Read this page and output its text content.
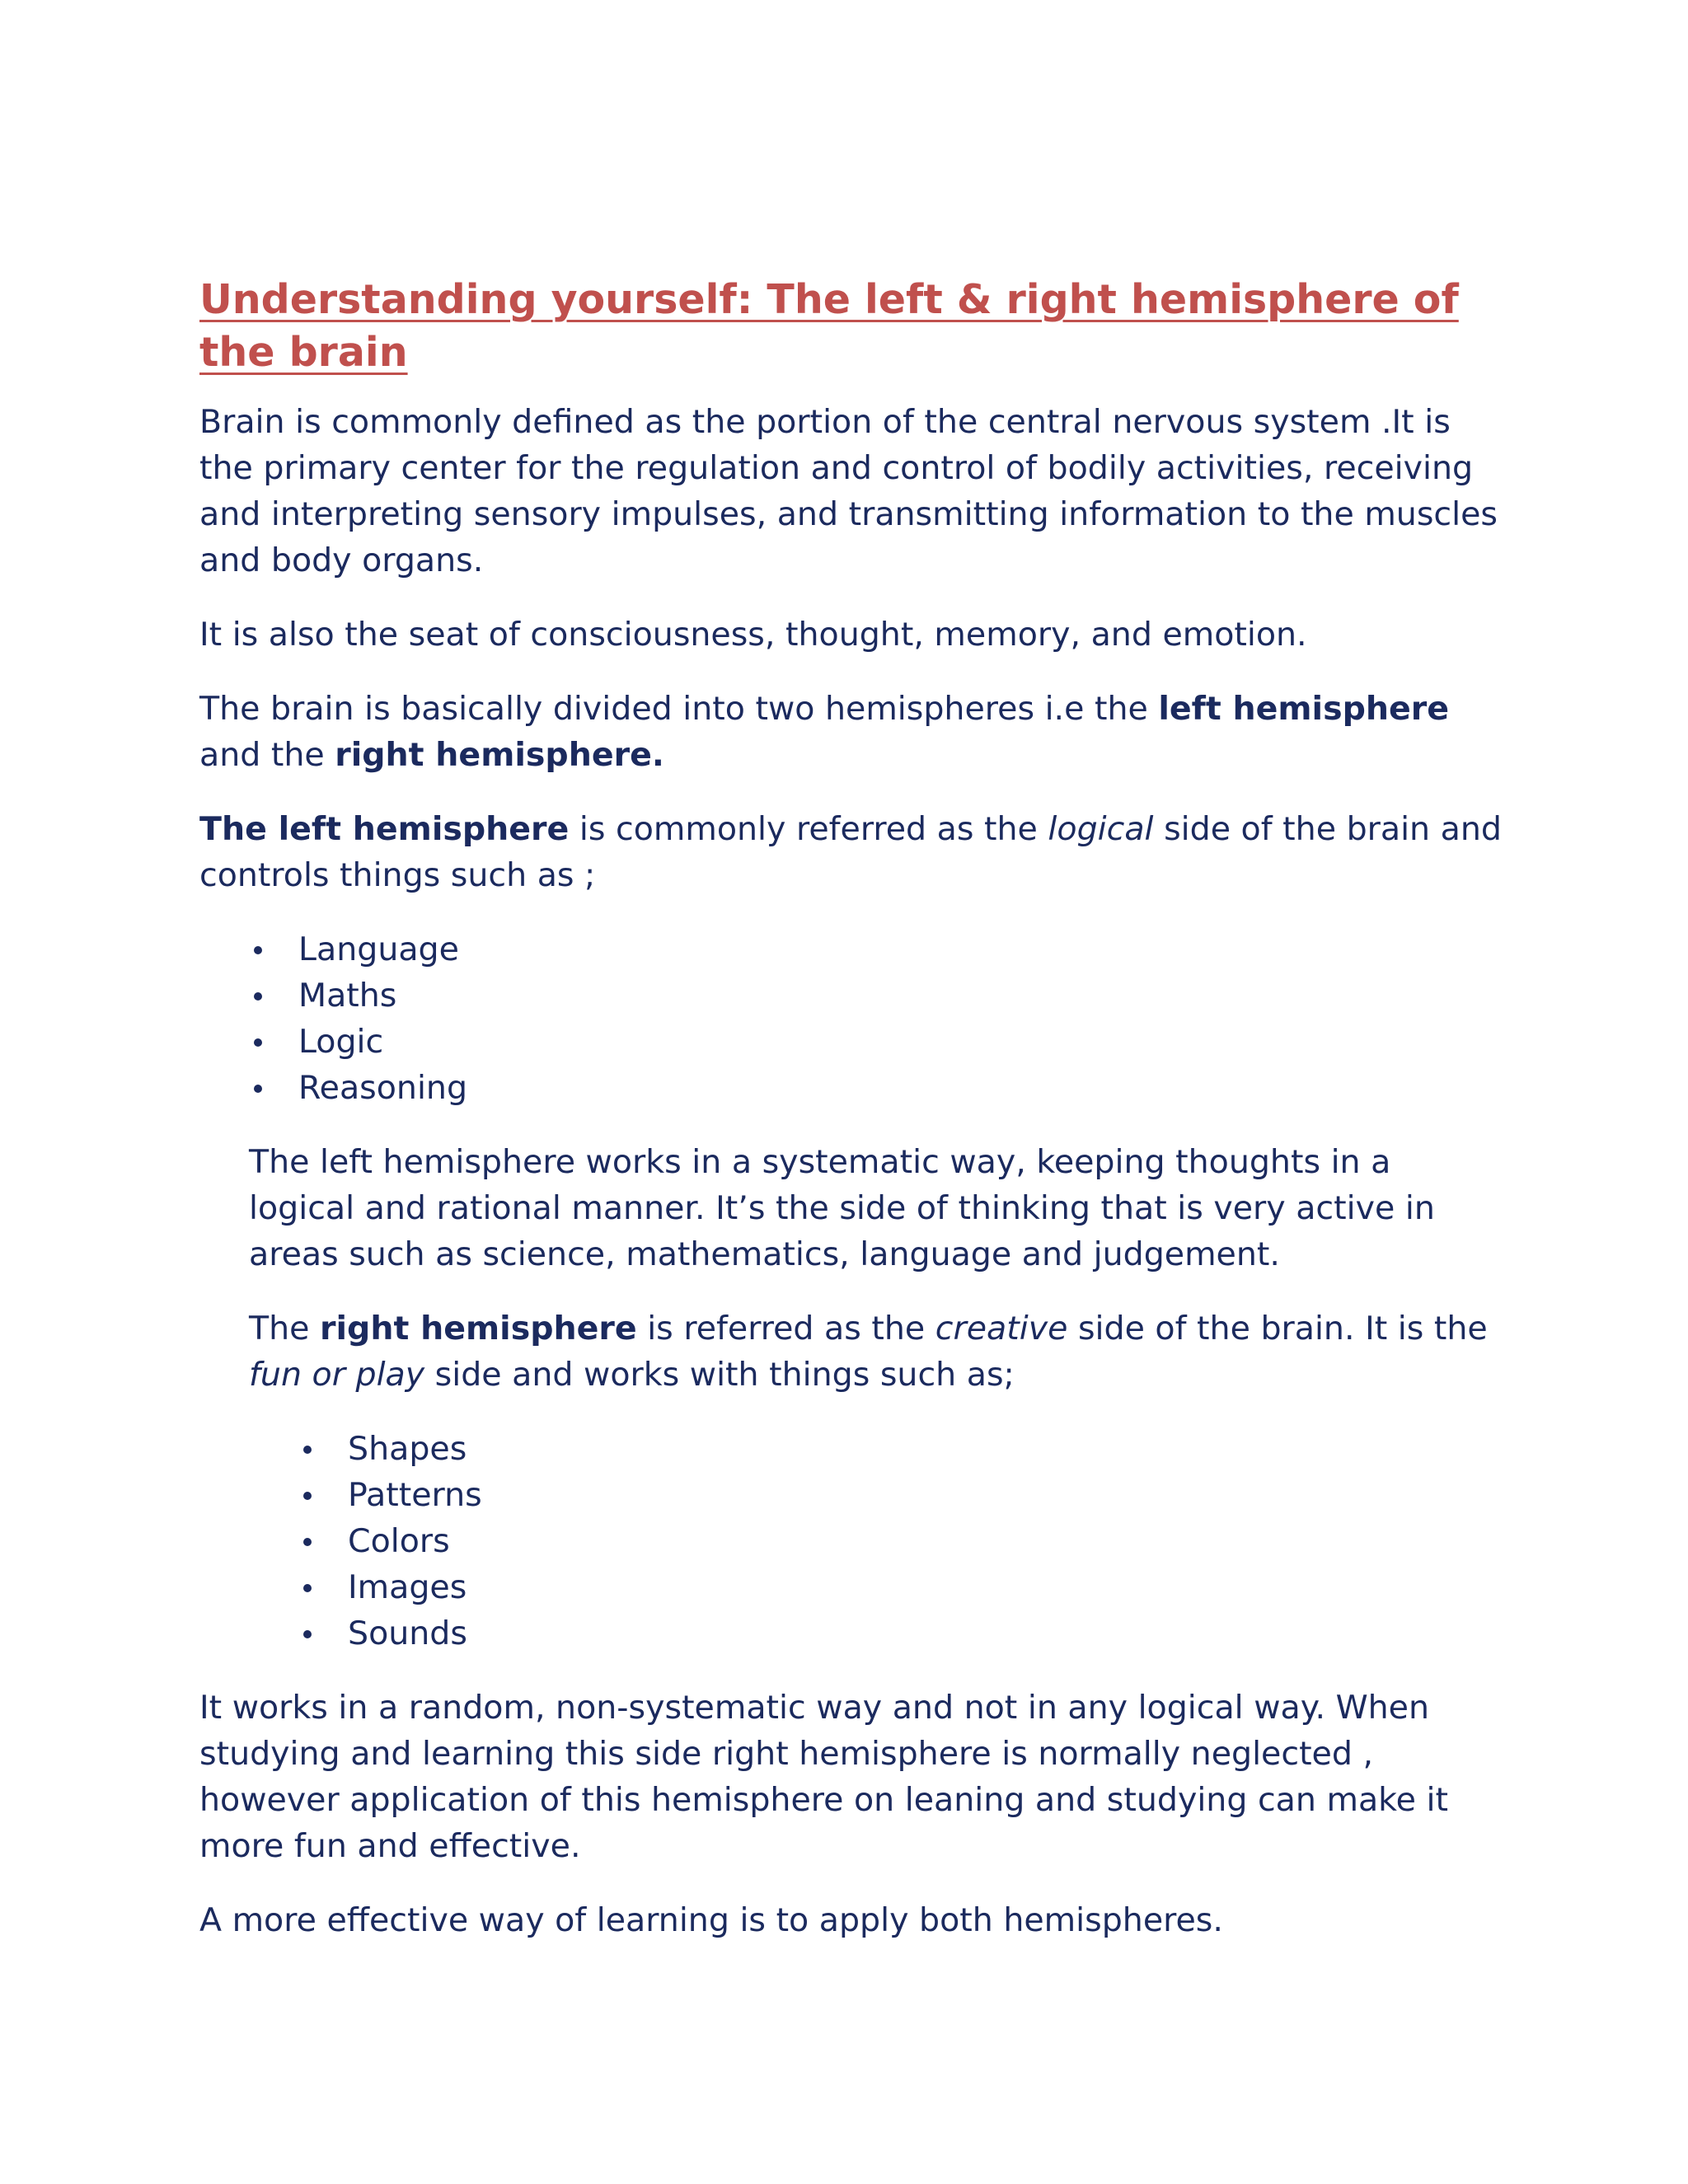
Understanding yourself: The left & right hemisphere of the brain

Brain is commonly defined as the portion of the central nervous system .It is the primary center for the regulation and control of bodily activities, receiving and interpreting sensory impulses, and transmitting information to the muscles and body organs.

It is also the seat of consciousness, thought, memory, and emotion.

The brain is basically divided into two hemispheres i.e the left hemisphere and the right hemisphere.

The left hemisphere is commonly referred as the logical side of the brain and controls things such as ;

Language
Maths
Logic
Reasoning

The left hemisphere works in a systematic way, keeping thoughts in a logical and rational manner. It’s the side of thinking that is very active in areas such as science, mathematics, language and judgement.

The right hemisphere is referred as the creative side of the brain. It is the fun or play side and works with things such as;

Shapes
Patterns
Colors
Images
Sounds

It works in a random, non-systematic way and not in any logical way. When studying and learning this side right hemisphere is normally neglected , however application of this hemisphere on leaning and studying can make it more fun and effective.

A more effective way of learning is to apply both hemispheres.
